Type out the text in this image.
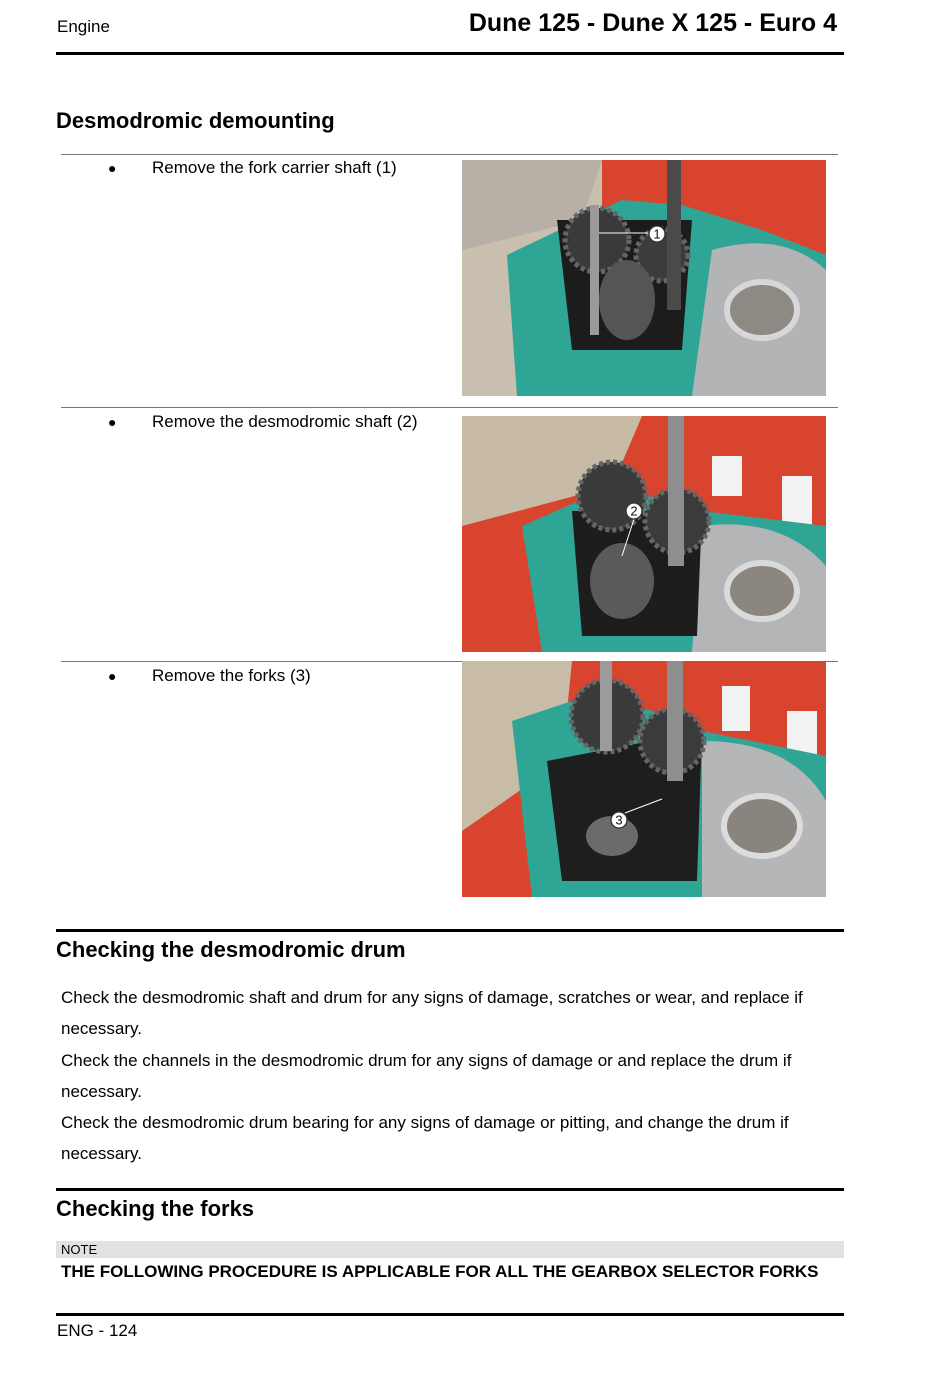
Engine	Dune 125 - Dune X 125 - Euro 4
Desmodromic demounting
● Remove the fork carrier shaft (1)
1
● Remove the desmodromic shaft (2)
2
● Remove the forks (3)
3
Checking the desmodromic drum

Check the desmodromic shaft and drum for any signs of damage, scratches or wear, and replace if necessary.

Check the channels in the desmodromic drum for any signs of damage or and replace the drum if necessary.

Check the desmodromic drum bearing for any signs of damage or pitting, and change the drum if necessary.

Checking the forks
NOTE
THE FOLLOWING PROCEDURE IS APPLICABLE FOR ALL THE GEARBOX SELECTOR FORKS
ENG - 124
